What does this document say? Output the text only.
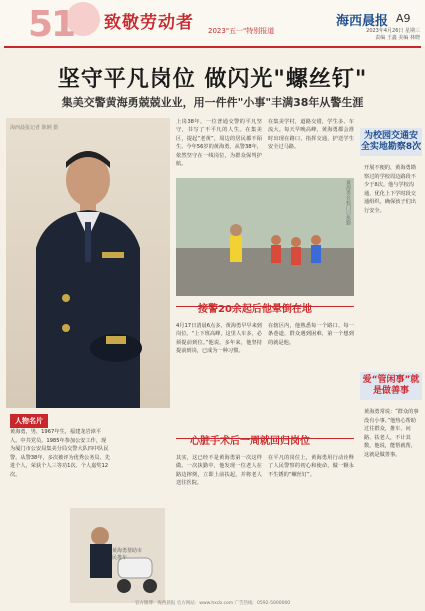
51 致敬劳动者 2023"五一"特别报道
海西晨报 A9
2023年4月26日 星期三
责编 王鑫 美编 林晓
坚守平凡岗位 做闪光"螺丝钉"
集美交警黄海勇兢兢业业，用一件件"小事"丰满38年从警生涯
海西晨报记者 陈俐 摄
人物名片
黄海勇，男，1967年生，福建龙岩漳平人。中共党员。1985年参加公安工作，现为厦门市公安局集美分局交警大队四中队民警。从警38年，多次被评为优秀公务员、先进个人，荣获个人三等功1次、个人嘉奖12次。
黄海勇帮助市民推车
上岗38年，一位普通交警的平凡坚守，书写了不平凡的人生。在集美区，提起“老黄”，周边的居民都不陌生。今年56岁的黄海勇，从警38年，依然坚守在一线岗位，为群众保驾护航。
在集美学村，道路交错，学生多、车流大。每天早晚高峰，黄海勇都会准时出现在路口，指挥交通，护送学生安全过马路。
黄海勇在校门口执勤
接警20余起后他晕倒在地
4月17日清晨6点多，黄海勇早早来到岗位。“上下班高峰，这里人车多，必须提前到位。”他说。多年来，他坚持提前到岗，已成为一种习惯。
在辖区内，他熟悉每一个路口、每一条巷道，群众遇到困难，第一个想到的就是他。
心脏手术后一周就回归岗位
其实，这已经不是黄海勇第一次这样做。一次执勤中，他发现一位老人在路边摔倒，立即上前扶起，并将老人送往医院。
在平凡的岗位上，黄海勇用行动诠释了人民警察的初心和使命，做一颗永不生锈的“螺丝钉”。
为校园交通安全实地勘察8次
开展不便的，黄海勇勘察过的学校周边路段不少于8次。他与学校沟通，优化上下学时段交通组织，确保孩子们出行安全。
爱“管闲事”就是做善事
黄海勇常说：“群众的事没有小事。”他热心帮助过往群众，推车、问路、扶老人，不计其数。他说，能帮就帮，这就是做善事。
官方微博：海西晨报 官方网站：www.hxcb.com 广告热线：0592-5000000
